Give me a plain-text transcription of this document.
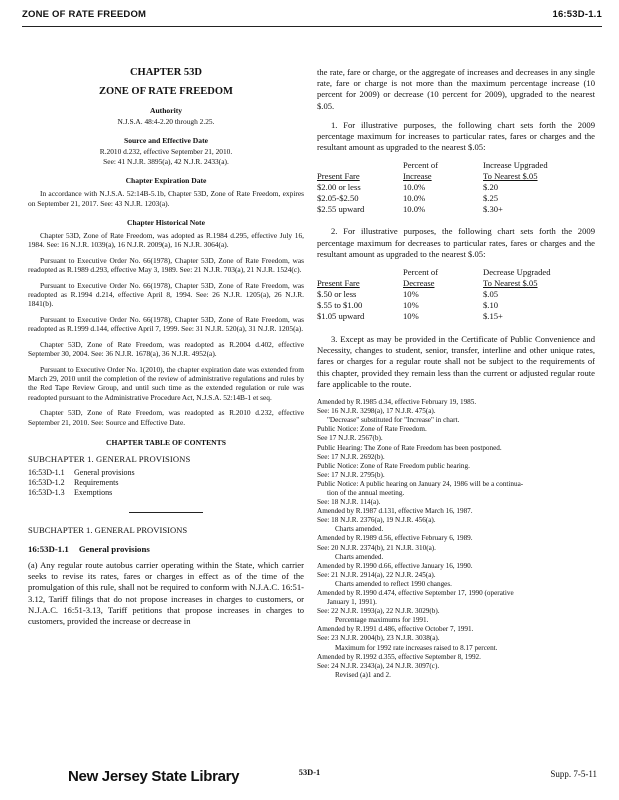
ZONE OF RATE FREEDOM	16:53D-1.1
CHAPTER 53D
ZONE OF RATE FREEDOM
Authority
N.J.S.A. 48:4-2.20 through 2.25.
Source and Effective Date
R.2010 d.232, effective September 21, 2010.
See: 41 N.J.R. 3895(a), 42 N.J.R. 2433(a).
Chapter Expiration Date
In accordance with N.J.S.A. 52:14B-5.1b, Chapter 53D, Zone of Rate Freedom, expires on September 21, 2017. See: 43 N.J.R. 1203(a).
Chapter Historical Note
Chapter 53D, Zone of Rate Freedom, was adopted as R.1984 d.295, effective July 16, 1984. See: 16 N.J.R. 1039(a), 16 N.J.R. 2009(a), 16 N.J.R. 3064(a).
Pursuant to Executive Order No. 66(1978), Chapter 53D, Zone of Rate Freedom, was readopted as R.1989 d.293, effective May 3, 1989. See: 21 N.J.R. 703(a), 21 N.J.R. 1524(c).
Pursuant to Executive Order No. 66(1978), Chapter 53D, Zone of Rate Freedom, was readopted as R.1994 d.214, effective April 8, 1994. See: 26 N.J.R. 1205(a), 26 N.J.R. 1841(b).
Pursuant to Executive Order No. 66(1978), Chapter 53D, Zone of Rate Freedom, was readopted as R.1999 d.144, effective April 7, 1999. See: 31 N.J.R. 520(a), 31 N.J.R. 1205(a).
Chapter 53D, Zone of Rate Freedom, was readopted as R.2004 d.402, effective September 30, 2004. See: 36 N.J.R. 1678(a), 36 N.J.R. 4952(a).
Pursuant to Executive Order No. 1(2010), the chapter expiration date was extended from March 29, 2010 until the completion of the review of administrative regulations and rules by the Red Tape Review Group, and until such time as the extended regulation or rule was readopted pursuant to the Administrative Procedure Act, N.J.S.A. 52:14B-1 et seq.
Chapter 53D, Zone of Rate Freedom, was readopted as R.2010 d.232, effective September 21, 2010. See: Source and Effective Date.
CHAPTER TABLE OF CONTENTS
SUBCHAPTER 1. GENERAL PROVISIONS
16:53D-1.1	General provisions
16:53D-1.2	Requirements
16:53D-1.3	Exemptions
SUBCHAPTER 1. GENERAL PROVISIONS
16:53D-1.1 General provisions
(a) Any regular route autobus carrier operating within the State, which carrier seeks to revise its rates, fares or charges in effect as of the time of the promulgation of this rule, shall not be required to conform with N.J.A.C. 16:51-3.12, Tariff filings that do not propose increases in charges to customers, or N.J.A.C. 16:51-3.13, Tariff petitions that propose increases in charges to customers, provided the increase or decrease in
the rate, fare or charge, or the aggregate of increases and decreases in any single rate, fare or charge is not more than the maximum percentage increase (10 percent for 2009) or decrease (10 percent for 2009), upgraded to the nearest $.05.
1. For illustrative purposes, the following chart sets forth the 2009 percentage maximum for increases to particular rates, fares or charges and the resultant amount as upgraded to the nearest $.05:
Percent of	Increase Upgraded
Present Fare	Increase	To Nearest $.05
$2.00 or less	10.0%	$.20
$2.05-$2.50	10.0%	$.25
$2.55 upward	10.0%	$.30+
2. For illustrative purposes, the following chart sets forth the 2009 percentage maximum for decreases to particular rates, fares or charges and the resultant amount as upgraded to the nearest $.05:
Percent of	Decrease Upgraded
Present Fare	Decrease	To Nearest $.05
$.50 or less	10%	$.05
$.55 to $1.00	10%	$.10
$1.05 upward	10%	$.15+
3. Except as may be provided in the Certificate of Public Convenience and Necessity, changes to student, senior, transfer, interline and other unique rates, fares or charges for a regular route shall not be subject to the requirements of this chapter, provided they remain less than the current or adjusted regular route fare applicable to the route.
Amended by R.1985 d.34, effective February 19, 1985.
See: 16 N.J.R. 3298(a), 17 N.J.R. 475(a).
"Decrease" substituted for "Increase" in chart.
Public Notice: Zone of Rate Freedom.
See 17 N.J.R. 2567(b).
Public Hearing: The Zone of Rate Freedom has been postponed.
See: 17 N.J.R. 2692(b).
Public Notice: Zone of Rate Freedom public hearing.
See: 17 N.J.R. 2795(b).
Public Notice: A public hearing on January 24, 1986 will be a continua-
tion of the annual meeting.
See: 18 N.J.R. 114(a).
Amended by R.1987 d.131, effective March 16, 1987.
See: 18 N.J.R. 2376(a), 19 N.J.R. 456(a).
Charts amended.
Amended by R.1989 d.56, effective February 6, 1989.
See: 20 N.J.R. 2374(b), 21 N.J.R. 310(a).
Charts amended.
Amended by R.1990 d.66, effective January 16, 1990.
See: 21 N.J.R. 2914(a), 22 N.J.R. 245(a).
Charts amended to reflect 1990 changes.
Amended by R.1990 d.474, effective September 17, 1990 (operative
January 1, 1991).
See: 22 N.J.R. 1993(a), 22 N.J.R. 3029(b).
Percentage maximums for 1991.
Amended by R.1991 d.486, effective October 7, 1991.
See: 23 N.J.R. 2004(b), 23 N.J.R. 3038(a).
Maximum for 1992 rate increases raised to 8.17 percent.
Amended by R.1992 d.355, effective September 8, 1992.
See: 24 N.J.R. 2343(a), 24 N.J.R. 3097(c).
Revised (a)1 and 2.
New Jersey State Library	53D-1	Supp. 7-5-11
